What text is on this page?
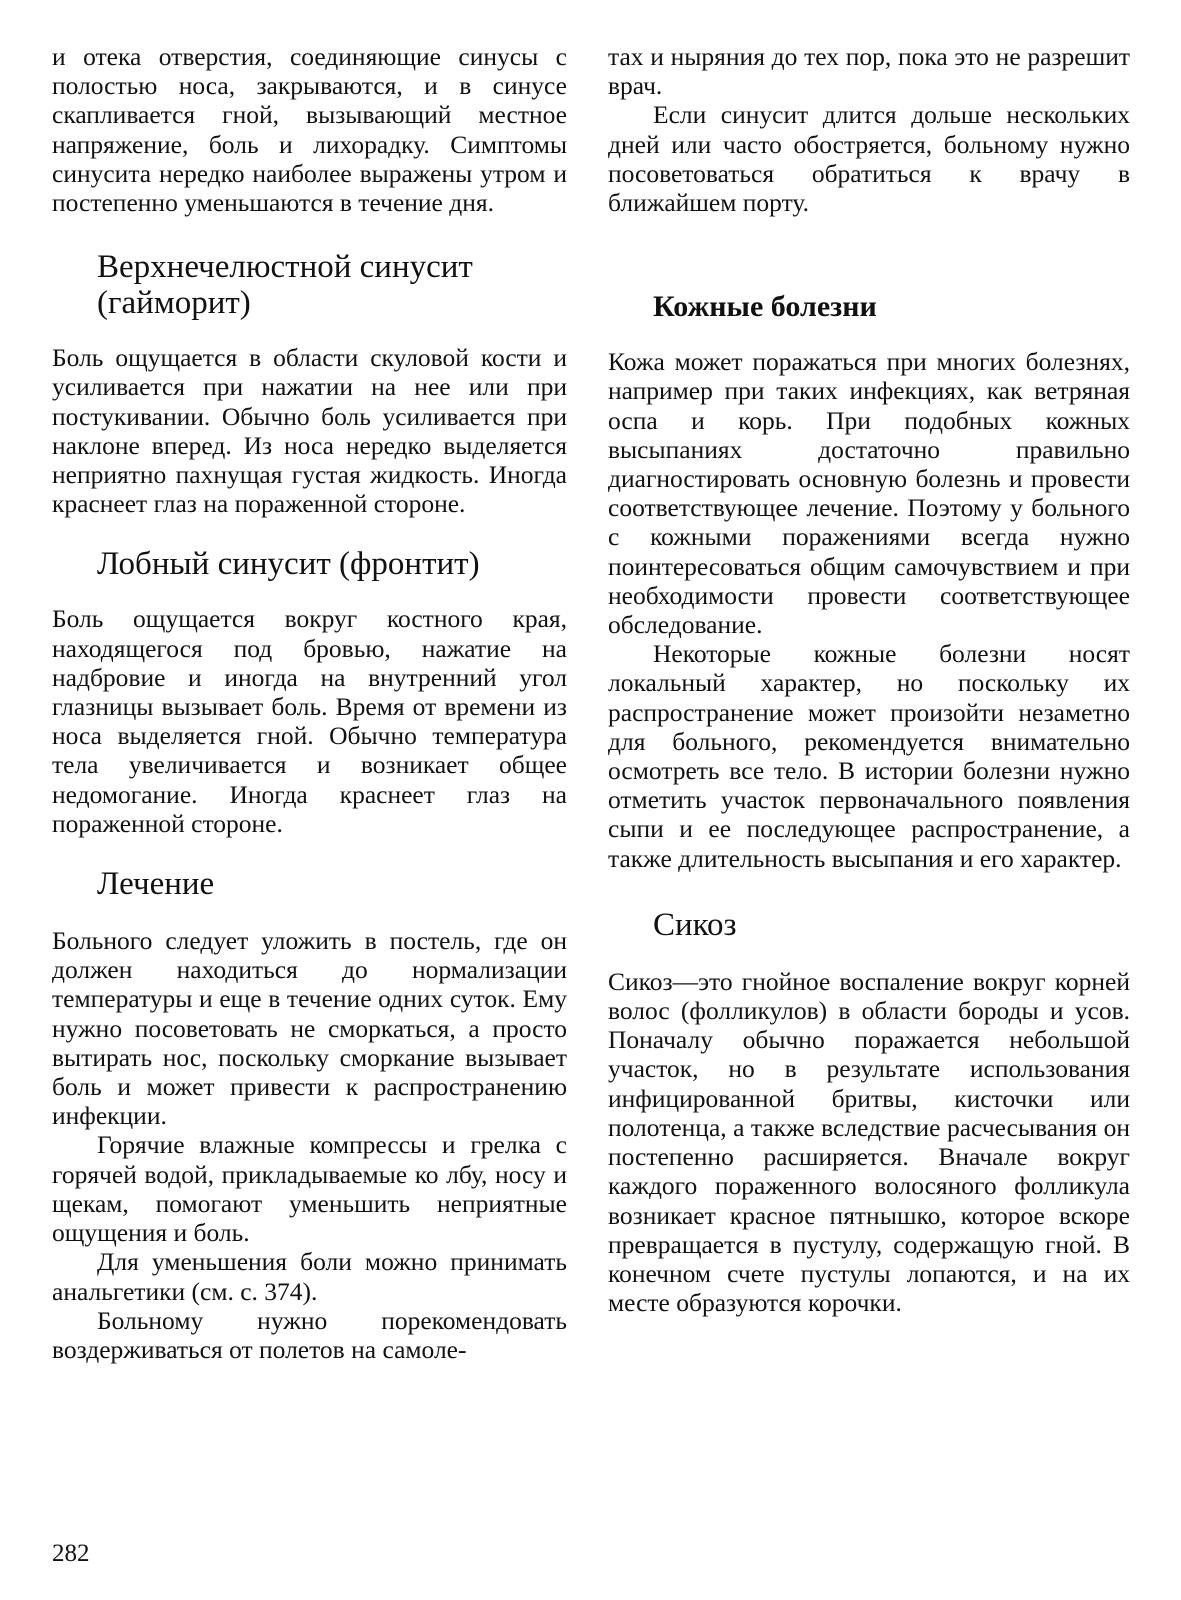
и отека отверстия, соединяющие синусы с полостью носа, закрываются, и в синусе скапливается гной, вызывающий местное напряжение, боль и лихорадку. Симптомы синусита нередко наиболее выражены утром и постепенно уменьшаются в течение дня.

Верхнечелюстной синусит (гайморит)

Боль ощущается в области скуловой кости и усиливается при нажатии на нее или при постукивании. Обычно боль усиливается при наклоне вперед. Из носа нередко выделяется неприятно пахнущая густая жидкость. Иногда краснеет глаз на пораженной стороне.

Лобный синусит (фронтит)

Боль ощущается вокруг костного края, находящегося под бровью, нажатие на надбровие и иногда на внутренний угол глазницы вызывает боль. Время от времени из носа выделяется гной. Обычно температура тела увеличивается и возникает общее недомогание. Иногда краснеет глаз на пораженной стороне.

Лечение

Больного следует уложить в постель, где он должен находиться до нормализации температуры и еще в течение одних суток. Ему нужно посоветовать не сморкаться, а просто вытирать нос, поскольку сморкание вызывает боль и может привести к распространению инфекции.

Горячие влажные компрессы и грелка с горячей водой, прикладываемые ко лбу, носу и щекам, помогают уменьшить неприятные ощущения и боль.

Для уменьшения боли можно принимать анальгетики (см. с. 374).

Больному нужно порекомендовать воздерживаться от полетов на самоле-

тах и ныряния до тех пор, пока это не разрешит врач.

Если синусит длится дольше нескольких дней или часто обостряется, больному нужно посоветоваться обратиться к врачу в ближайшем порту.

Кожные болезни

Кожа может поражаться при многих болезнях, например при таких инфекциях, как ветряная оспа и корь. При подобных кожных высыпаниях достаточно правильно диагностировать основную болезнь и провести соответствующее лечение. Поэтому у больного с кожными поражениями всегда нужно поинтересоваться общим самочувствием и при необходимости провести соответствующее обследование.

Некоторые кожные болезни носят локальный характер, но поскольку их распространение может произойти незаметно для больного, рекомендуется внимательно осмотреть все тело. В истории болезни нужно отметить участок первоначального появления сыпи и ее последующее распространение, а также длительность высыпания и его характер.

Сикоз

Сикоз—это гнойное воспаление вокруг корней волос (фолликулов) в области бороды и усов. Поначалу обычно поражается небольшой участок, но в результате использования инфицированной бритвы, кисточки или полотенца, а также вследствие расчесывания он постепенно расширяется. Вначале вокруг каждого пораженного волосяного фолликула возникает красное пятнышко, которое вскоре превращается в пустулу, содержащую гной. В конечном счете пустулы лопаются, и на их месте образуются корочки.

282
